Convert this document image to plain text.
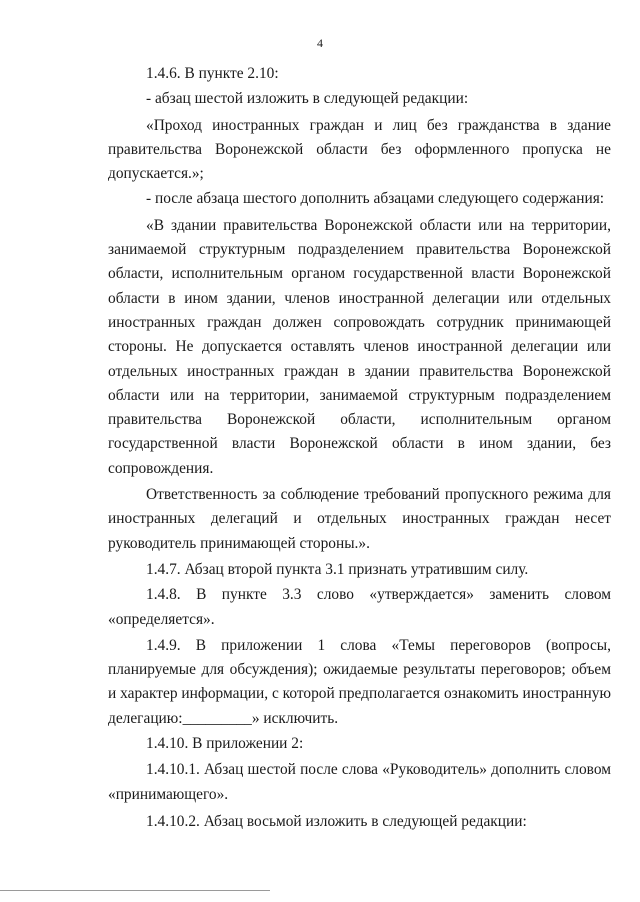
4

1.4.6. В пункте 2.10:

- абзац шестой изложить в следующей редакции:

«Проход иностранных граждан и лиц без гражданства в здание правительства Воронежской области без оформленного пропуска не допускается.»;

- после абзаца шестого дополнить абзацами следующего содержания:

«В здании правительства Воронежской области или на территории, занимаемой структурным подразделением правительства Воронежской области, исполнительным органом государственной власти Воронежской области в ином здании, членов иностранной делегации или отдельных иностранных граждан должен сопровождать сотрудник принимающей стороны. Не допускается оставлять членов иностранной делегации или отдельных иностранных граждан в здании правительства Воронежской области или на территории, занимаемой структурным подразделением правительства Воронежской области, исполнительным органом государственной власти Воронежской области в ином здании, без сопровождения.

Ответственность за соблюдение требований пропускного режима для иностранных делегаций и отдельных иностранных граждан несет руководитель принимающей стороны.».

1.4.7. Абзац второй пункта 3.1 признать утратившим силу.

1.4.8. В пункте 3.3 слово «утверждается» заменить словом «определяется».

1.4.9. В приложении 1 слова «Темы переговоров (вопросы, планируемые для обсуждения); ожидаемые результаты переговоров; объем и характер информации, с которой предполагается ознакомить иностранную делегацию:_________» исключить.

1.4.10. В приложении 2:

1.4.10.1. Абзац шестой после слова «Руководитель» дополнить словом «принимающего».

1.4.10.2. Абзац восьмой изложить в следующей редакции:
